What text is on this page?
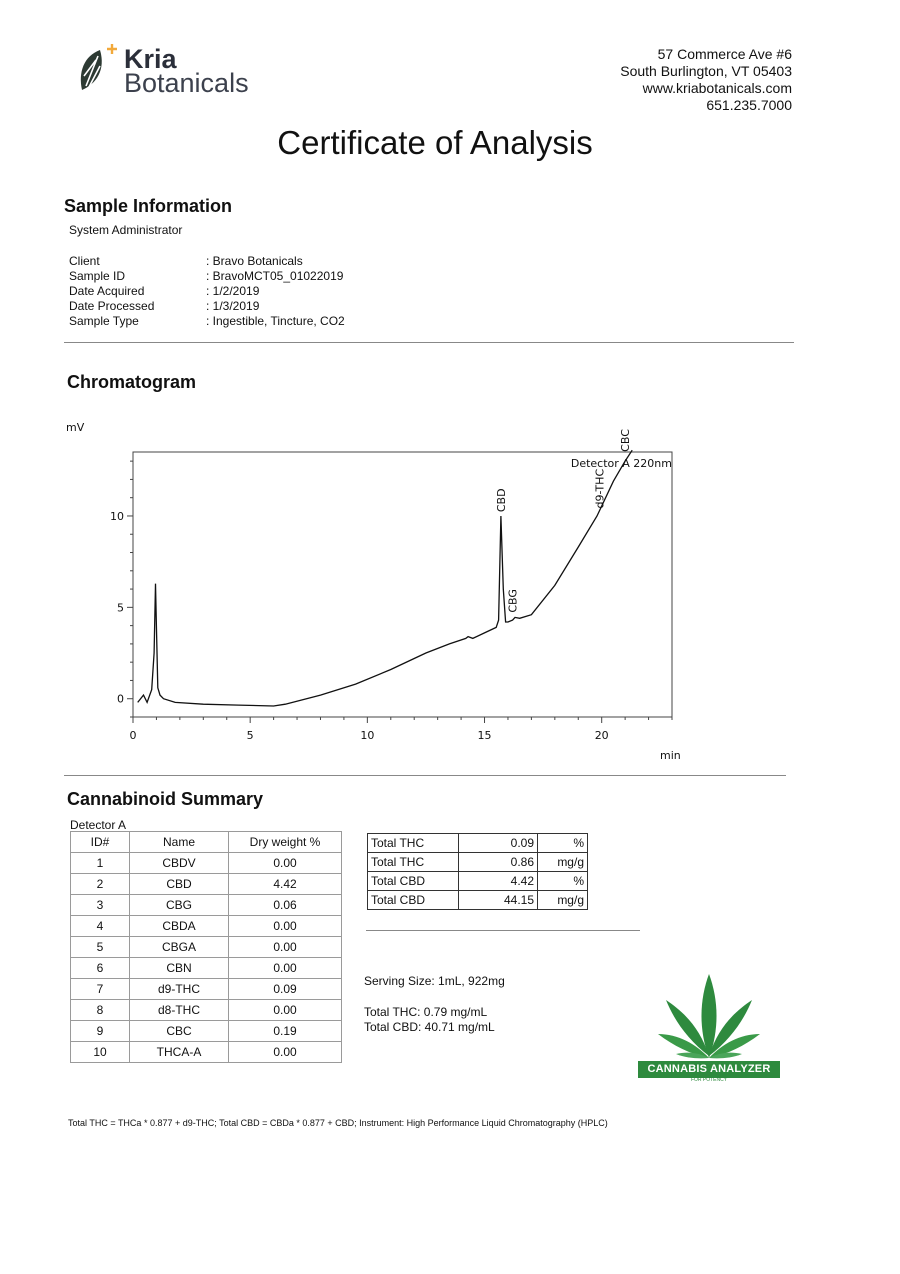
Kria
Botanicals
57 Commerce Ave #6
South Burlington, VT 05403
www.kriabotanicals.com
651.235.7000
Certificate of Analysis
Sample Information
System Administrator
Client	: Bravo Botanicals
Sample ID	: BravoMCT05_01022019
Date Acquired	: 1/2/2019
Date Processed	: 1/3/2019
Sample Type	: Ingestible, Tincture, CO2
Chromatogram
mV
0	5	10	15	20
0
5
10
CBD
CBG
d9-THC
CBC
Detector A 220nm
min
Cannabinoid Summary
Detector A
ID#	Name	Dry weight %
1	CBDV	0.00
2	CBD	4.42
3	CBG	0.06
4	CBDA	0.00
5	CBGA	0.00
6	CBN	0.00
7	d9-THC	0.09
8	d8-THC	0.00
9	CBC	0.19
10	THCA-A	0.00
Total THC	0.09	%
Total THC	0.86	mg/g
Total CBD	4.42	%
Total CBD	44.15	mg/g
Serving Size: 1mL, 922mg
Total THC: 0.79 mg/mL
Total CBD: 40.71 mg/mL
CANNABIS ANALYZER
FOR POTENCY
Total THC = THCa * 0.877 + d9-THC; Total CBD = CBDa * 0.877 + CBD; Instrument: High Performance Liquid Chromatography (HPLC)
